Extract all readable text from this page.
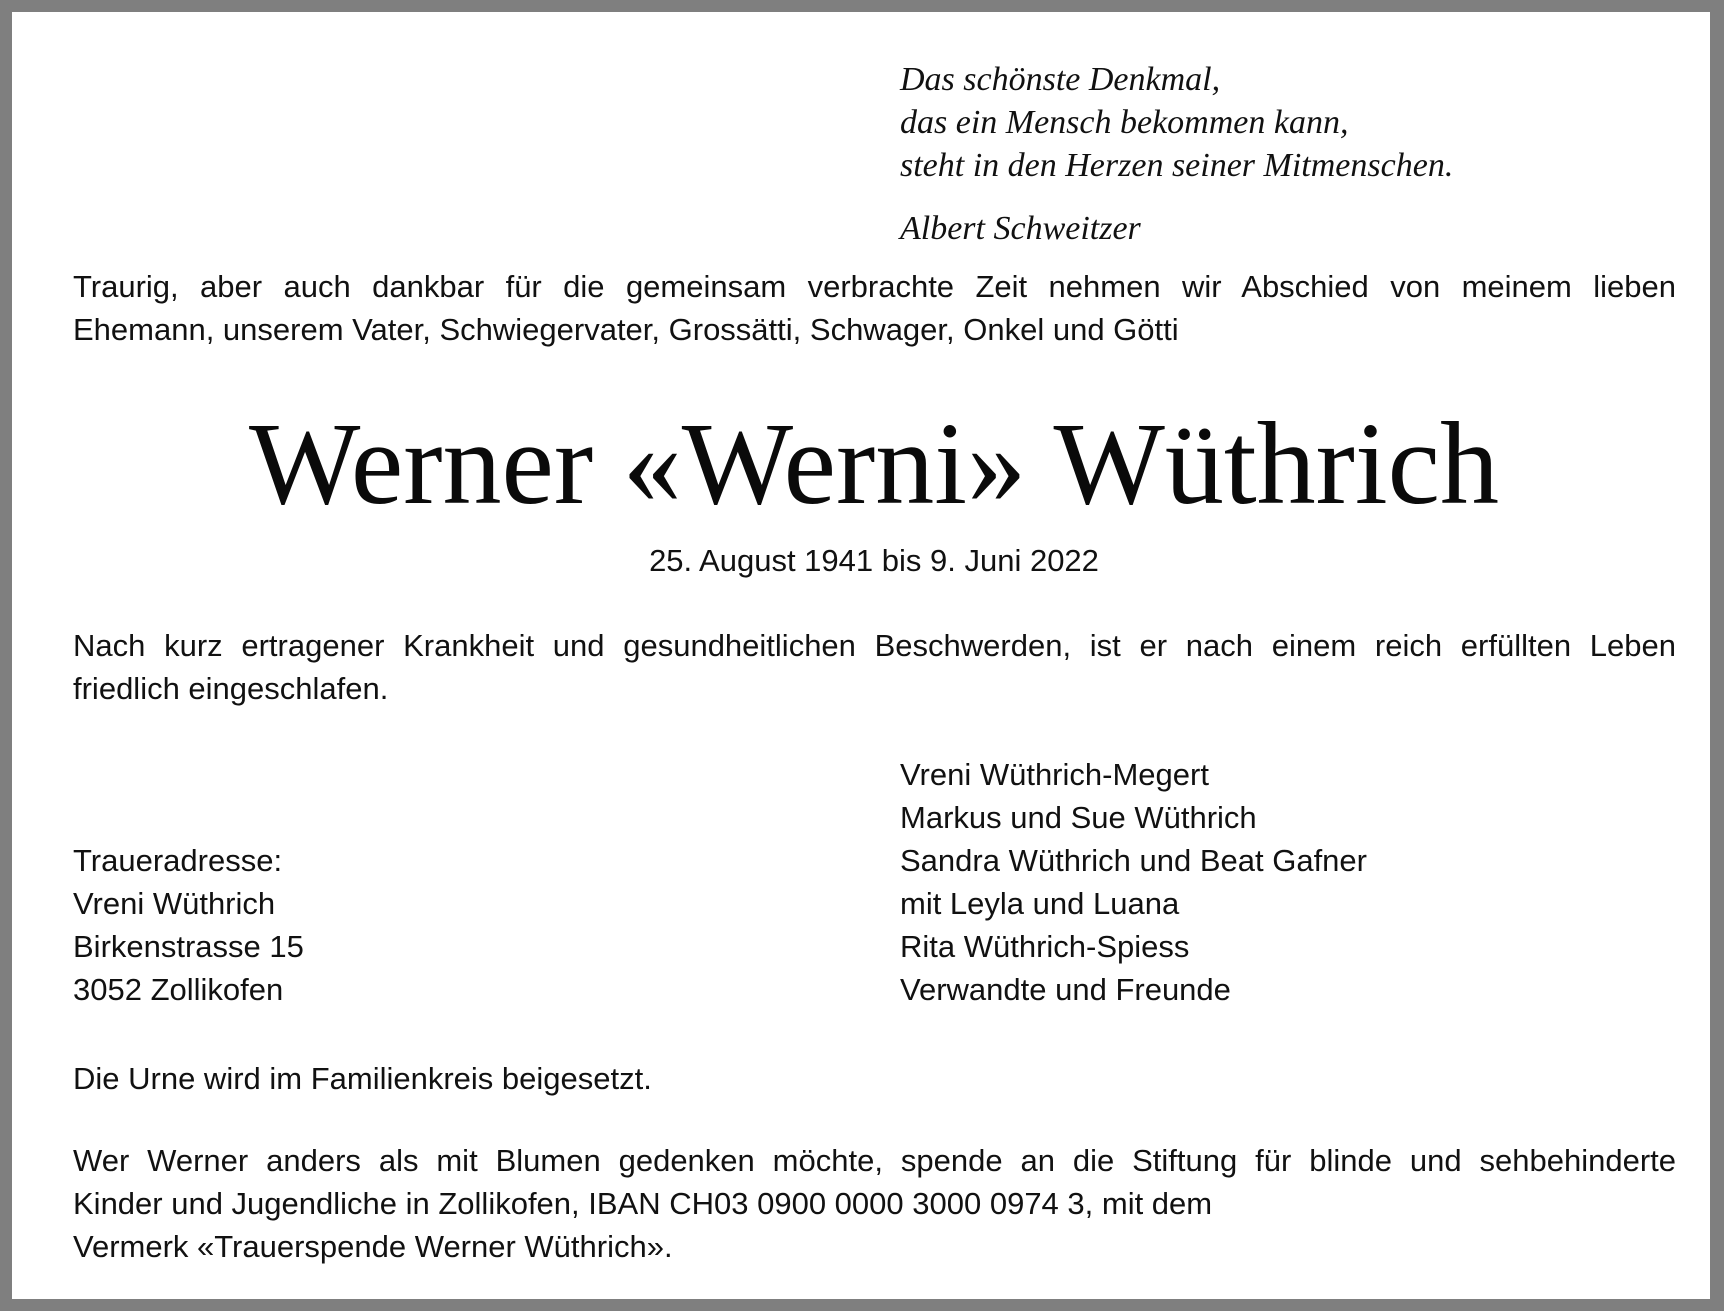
Das schönste Denkmal,
das ein Mensch bekommen kann,
steht in den Herzen seiner Mitmenschen.
Albert Schweitzer
Traurig, aber auch dankbar für die gemeinsam verbrachte Zeit nehmen wir Abschied von meinem lieben
Ehemann, unserem Vater, Schwiegervater, Grossätti, Schwager, Onkel und Götti
Werner «Werni» Wüthrich
25. August 1941 bis 9. Juni 2022
Nach kurz ertragener Krankheit und gesundheitlichen Beschwerden, ist er nach einem reich erfüllten Leben
friedlich eingeschlafen.
Vreni Wüthrich-Megert
Markus und Sue Wüthrich
Sandra Wüthrich und Beat Gafner
mit Leyla und Luana
Rita Wüthrich-Spiess
Verwandte und Freunde
Traueradresse:
Vreni Wüthrich
Birkenstrasse 15
3052 Zollikofen
Die Urne wird im Familienkreis beigesetzt.
Wer Werner anders als mit Blumen gedenken möchte, spende an die Stiftung für blinde und sehbehinderte
Kinder und Jugendliche in Zollikofen, IBAN CH03 0900 0000 3000 0974 3, mit dem
Vermerk «Trauerspende Werner Wüthrich».
